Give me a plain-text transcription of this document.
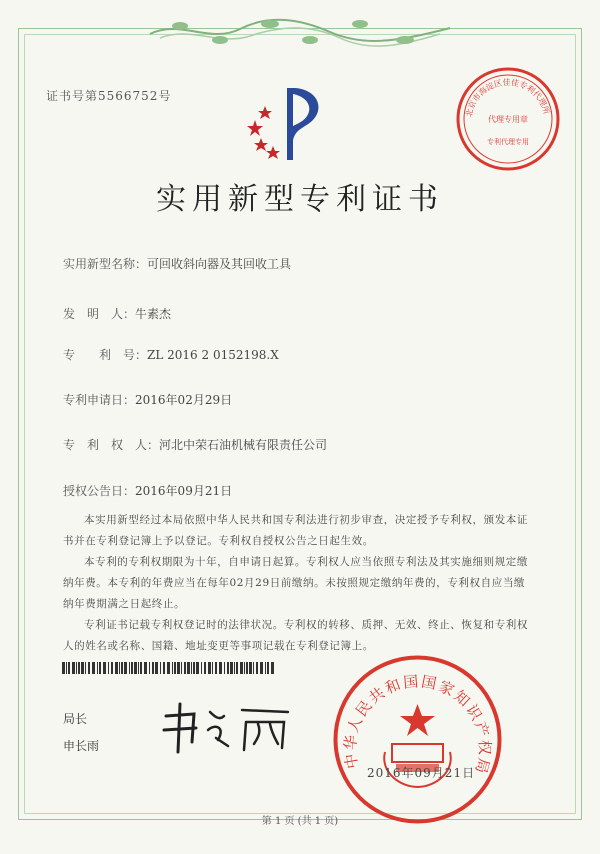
证书号第5566752号
北京市海淀区佳佳专利代理所
代理专用章
专利代理专用
实用新型专利证书
实用新型名称：可回收斜向器及其回收工具
发　明　人：牛素杰
专　　利　号：ZL 2016 2 0152198.X
专利申请日：2016年02月29日
专　利　权　人：河北中荣石油机械有限责任公司
授权公告日：2016年09月21日

本实用新型经过本局依照中华人民共和国专利法进行初步审查，决定授予专利权，颁发本证书并在专利登记簿上予以登记。专利权自授权公告之日起生效。

本专利的专利权期限为十年，自申请日起算。专利权人应当依照专利法及其实施细则规定缴纳年费。本专利的年费应当在每年02月29日前缴纳。未按照规定缴纳年费的，专利权自应当缴纳年费期满之日起终止。

专利证书记载专利权登记时的法律状况。专利权的转移、质押、无效、终止、恢复和专利权人的姓名或名称、国籍、地址变更等事项记载在专利登记簿上。

局长
申长雨
中华人民共和国国家知识产权局
2016年09月21日
第 1 页 (共 1 页)
